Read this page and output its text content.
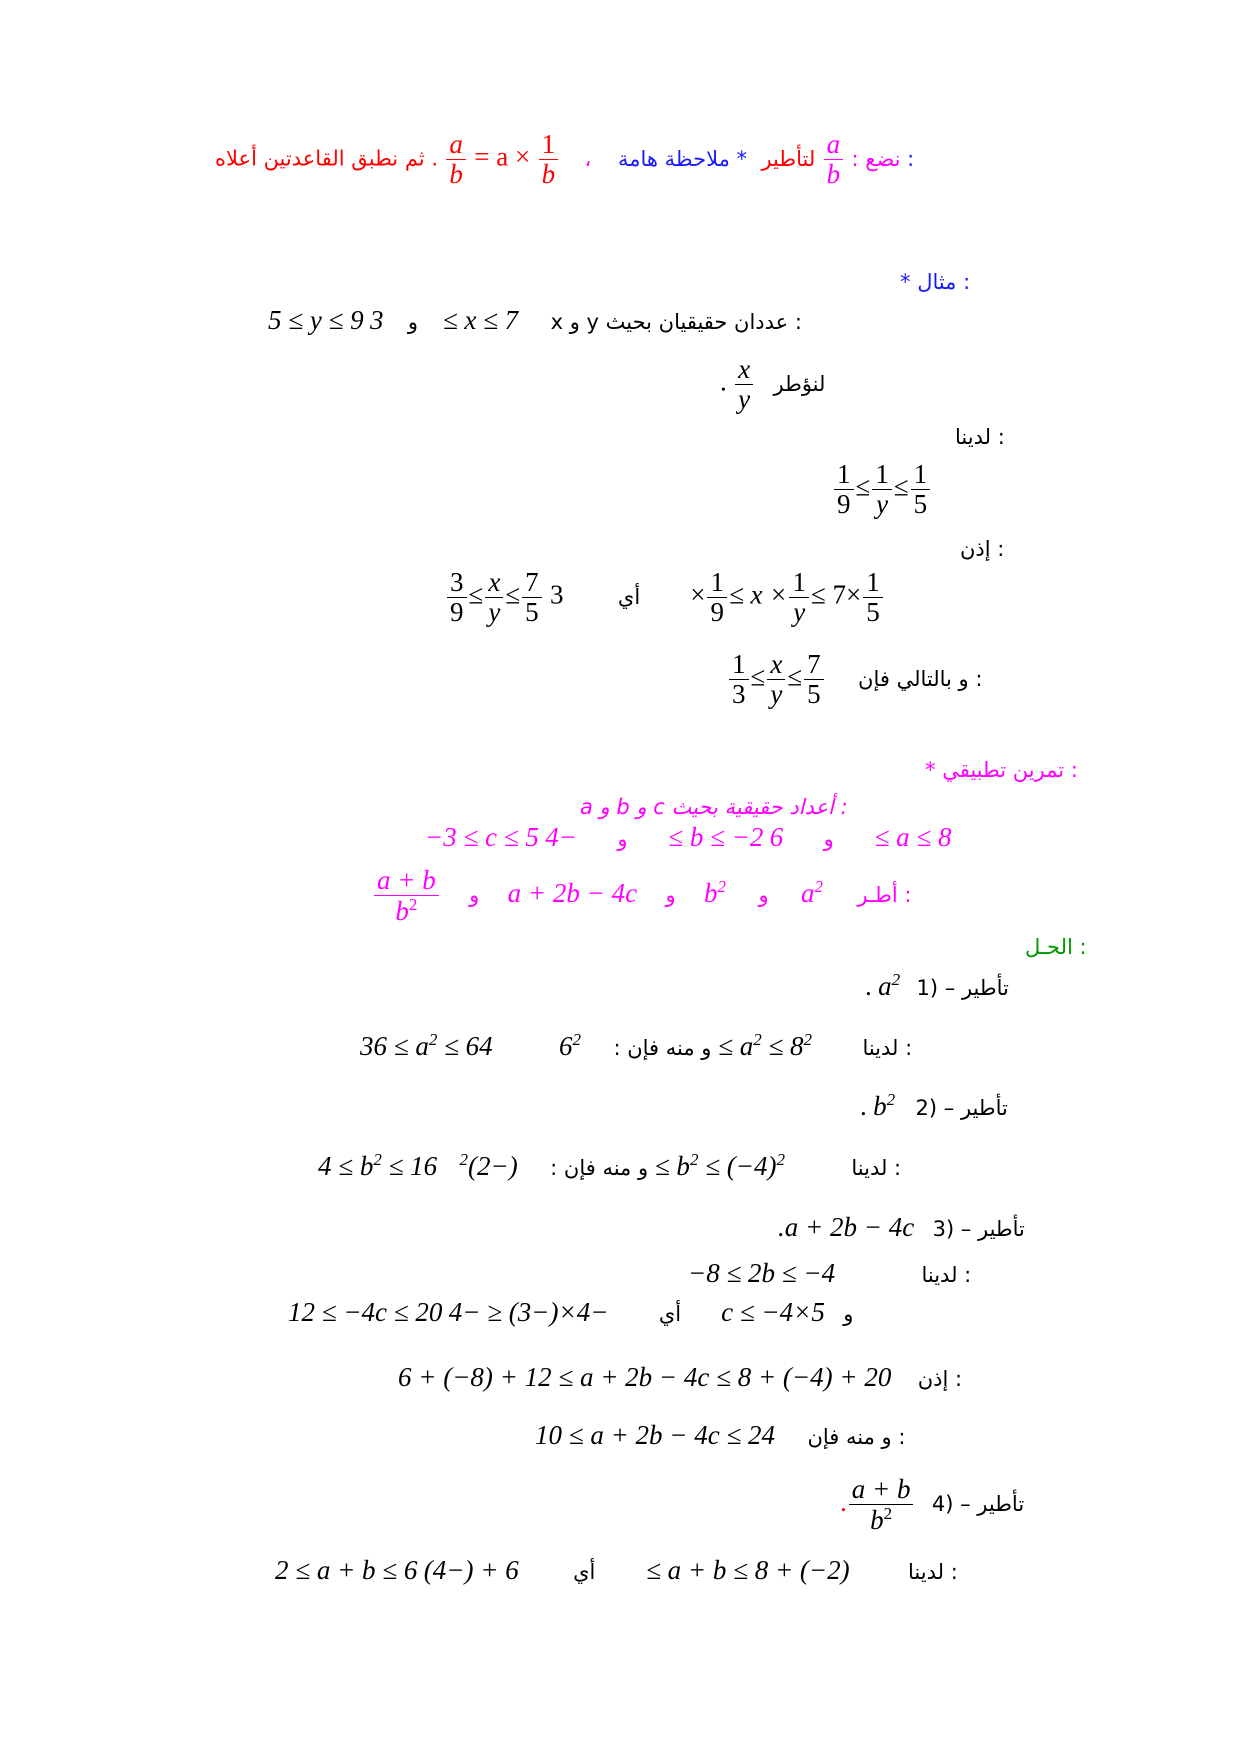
ثم نطبق القاعدتين أعلاه . $\frac{a}{b} = a \times \frac{1}{b}$ ، نضع :
$\frac{a}{b}$
لتأطير * ملاحظة هامة :
* مثال :
5 ≤ y ≤ 9 و 3 ≤ x ≤ 7 x و y عددان حقيقيان بحيث :
. $\frac{x}{y}$ لنؤطر
لدينا :
$\frac{1}{9} \le \frac{1}{y} \le \frac{1}{5}$
إذن :
$\frac{3}{9} \le \frac{x}{y} \le \frac{7}{5}$	أي $3\times \frac{1}{9} \le x \times \frac{1}{y} \le 7\times \frac{1}{5}$
$\frac{1}{3} \le \frac{x}{y} \le \frac{7}{5}$ و بالتالي فإن :
* تمرين تطبيقي :
a و b و c أعداد حقيقية بحيث :
−3 ≤ c ≤ 5	و −4 ≤ b ≤ −2	و 6 ≤ a ≤ 8
$\frac{a + b}{b^2}$ و a + 2b − 4c و $b^2$ و $a^2$ أطـر :
الحـل :
. $a^2$ 1) – تأطير
$36 \le a^2 \le 64$	و منه فإن : $6^2$	≤ $a^2 \le 8^2$ لدينا :
. $b^2$ 2) – تأطير
$4 \le b^2 \le 16$	و منه فإن : $(-2)^2$	≤ $b^2 \le (-4)^2$	لدينا :
.a + 2b − 4c 3) – تأطير
−8 ≤ 2b ≤ −4	لدينا :
12 ≤ −4c ≤ 20	أي −4×(−3) ≤ −4c ≤ −4×5 و
6 + (−8) + 12 ≤ a + 2b − 4c ≤ 8 + (−4) + 20 إذن :
10 ≤ a + 2b − 4c ≤ 24 و منه فإن :
. $\frac{a + b}{b^2} 4$) – تأطير
2 ≤ a + b ≤ 6	أي 6 + (−4) ≤ a + b ≤ 8 + (−2)	لدينا :
